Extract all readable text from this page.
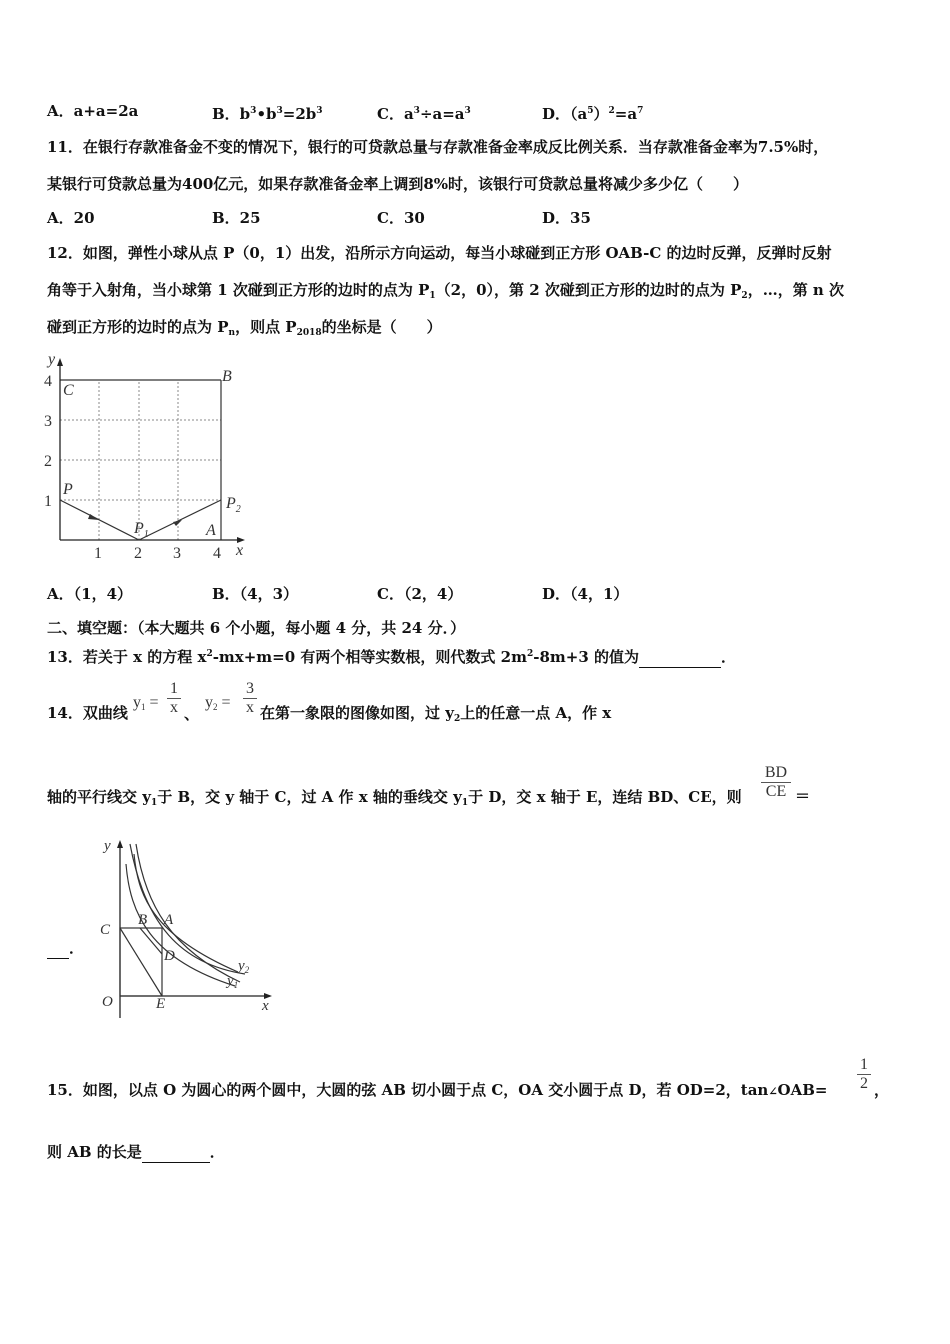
A．a+a=2a	B．$b^3•b^3=2b^3$	C．$a^3\div a=a^3$	D．$(a^5)^2=a^7$
11．在银行存款准备金不变的情况下，银行的可贷款总量与存款准备金率成反比例关系．当存款准备金率为7.5%时，
某银行可贷款总量为400亿元，如果存款准备金率上调到8%时，该银行可贷款总量将减少多少亿（　　）
A．20	B．25	C．30	D．35
12．如图，弹性小球从点 P（0，1）出发，沿所示方向运动，每当小球碰到正方形 OAB-C 的边时反弹，反弹时反射
角等于入射角，当小球第 1 次碰到正方形的边时的点为 $P_1(2$，0），第 2 次碰到正方形的边时的点为 $P_2$，…，第 n 次
碰到正方形的边时的点为 $P_n$，则点 $P_{2018}$的坐标是（　　）
y
x
4
3
2
1
1 2 3 4
C
B
P
$P_1$
$P_2$
A
A．（1，4）	B．（4，3）	C．（2，4）	D．（4，1）
二、填空题：（本大题共 6 个小题，每小题 4 分，共 24 分．）
13．若关于 x 的方程 $x^2-mx+m=0$ 有两个相等实数根，则代数式 $2m^2-8m+3$ 的值为	．
14．双曲线
$y_1 = \frac{1}{x}$ 、
$y_2 = \frac{3}{x}$ 在第一象限的图像如图，过 $y_2$上的任意一点 A，作 x
轴的平行线交 $y_1$于 B，交 y 轴于 C，过 A 作 x 轴的垂线交 $y_1$于 D，交 x 轴于 E，连结 BD、CE，则 $\frac{BD}{CE}$ ＝
．
y
x
O
C
B A
D
E
$y_2$
$y_1$
15．如图，以点 O 为圆心的两个圆中，大圆的弦 AB 切小圆于点 C，OA 交小圆于点 D，若 OD=2，tan∠OAB= $\frac{1}{2}$ ，
则 AB 的长是	．
